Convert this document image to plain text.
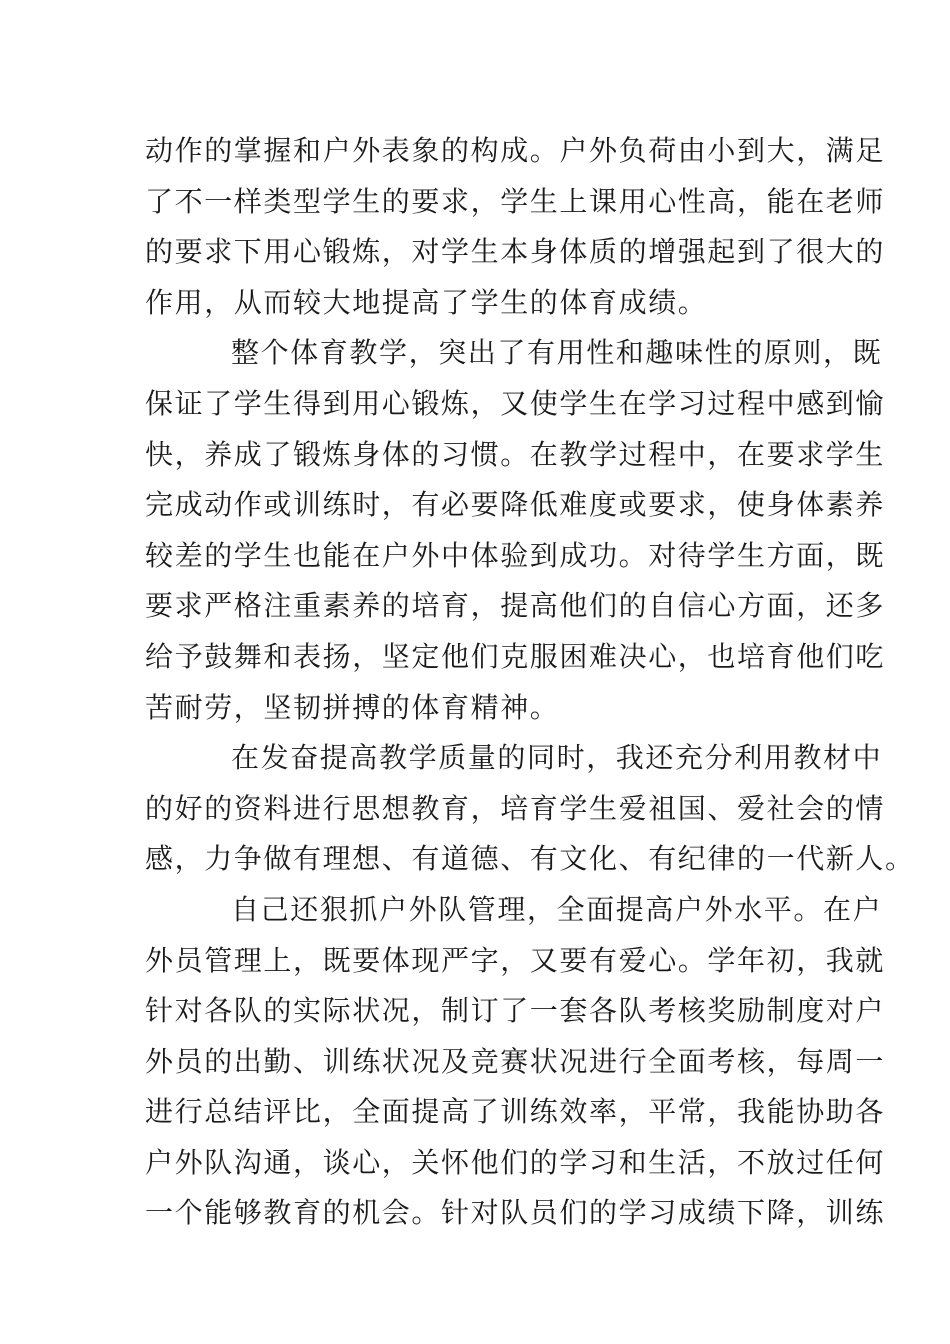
动作的掌握和户外表象的构成。户外负荷由小到大，满足
了不一样类型学生的要求，学生上课用心性高，能在老师
的要求下用心锻炼，对学生本身体质的增强起到了很大的
作用，从而较大地提高了学生的体育成绩。

整个体育教学，突出了有用性和趣味性的原则，既
保证了学生得到用心锻炼，又使学生在学习过程中感到愉
快，养成了锻炼身体的习惯。在教学过程中，在要求学生
完成动作或训练时，有必要降低难度或要求，使身体素养
较差的学生也能在户外中体验到成功。对待学生方面，既
要求严格注重素养的培育，提高他们的自信心方面，还多
给予鼓舞和表扬，坚定他们克服困难决心，也培育他们吃
苦耐劳，坚韧拼搏的体育精神。

在发奋提高教学质量的同时，我还充分利用教材中
的好的资料进行思想教育，培育学生爱祖国、爱社会的情
感，力争做有理想、有道德、有文化、有纪律的一代新人。

自己还狠抓户外队管理，全面提高户外水平。在户
外员管理上，既要体现严字，又要有爱心。学年初，我就
针对各队的实际状况，制订了一套各队考核奖励制度对户
外员的出勤、训练状况及竞赛状况进行全面考核，每周一
进行总结评比，全面提高了训练效率，平常，我能协助各
户外队沟通，谈心，关怀他们的学习和生活，不放过任何
一个能够教育的机会。针对队员们的学习成绩下降，训练
